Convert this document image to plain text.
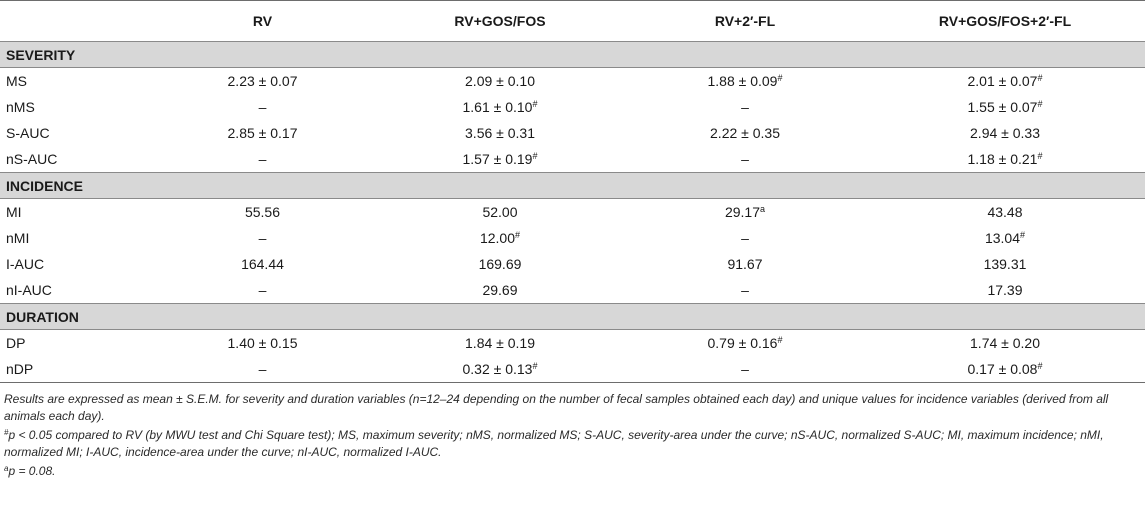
	RV	RV+GOS/FOS	RV+2′-FL	RV+GOS/FOS+2′-FL
SEVERITY				
MS	2.23 ± 0.07	2.09 ± 0.10	1.88 ± 0.09#	2.01 ± 0.07#
nMS	–	1.61 ± 0.10#	–	1.55 ± 0.07#
S-AUC	2.85 ± 0.17	3.56 ± 0.31	2.22 ± 0.35	2.94 ± 0.33
nS-AUC	–	1.57 ± 0.19#	–	1.18 ± 0.21#
INCIDENCE				
MI	55.56	52.00	29.17$^a$	43.48
nMI	–	12.00#	–	13.04#
I-AUC	164.44	169.69	91.67	139.31
nI-AUC	–	29.69	–	17.39
DURATION				
DP	1.40 ± 0.15	1.84 ± 0.19	0.79 ± 0.16#	1.74 ± 0.20
nDP	–	0.32 ± 0.13#	–	0.17 ± 0.08#

Results are expressed as mean ± S.E.M. for severity and duration variables (n=12–24 depending on the number of fecal samples obtained each day) and unique values for incidence variables (derived from all animals each day).

#p < 0.05 compared to RV (by MWU test and Chi Square test); MS, maximum severity; nMS, normalized MS; S-AUC, severity-area under the curve; nS-AUC, normalized S-AUC; MI, maximum incidence; nMI, normalized MI; I-AUC, incidence-area under the curve; nI-AUC, normalized I-AUC.

$^a$p = 0.08.
